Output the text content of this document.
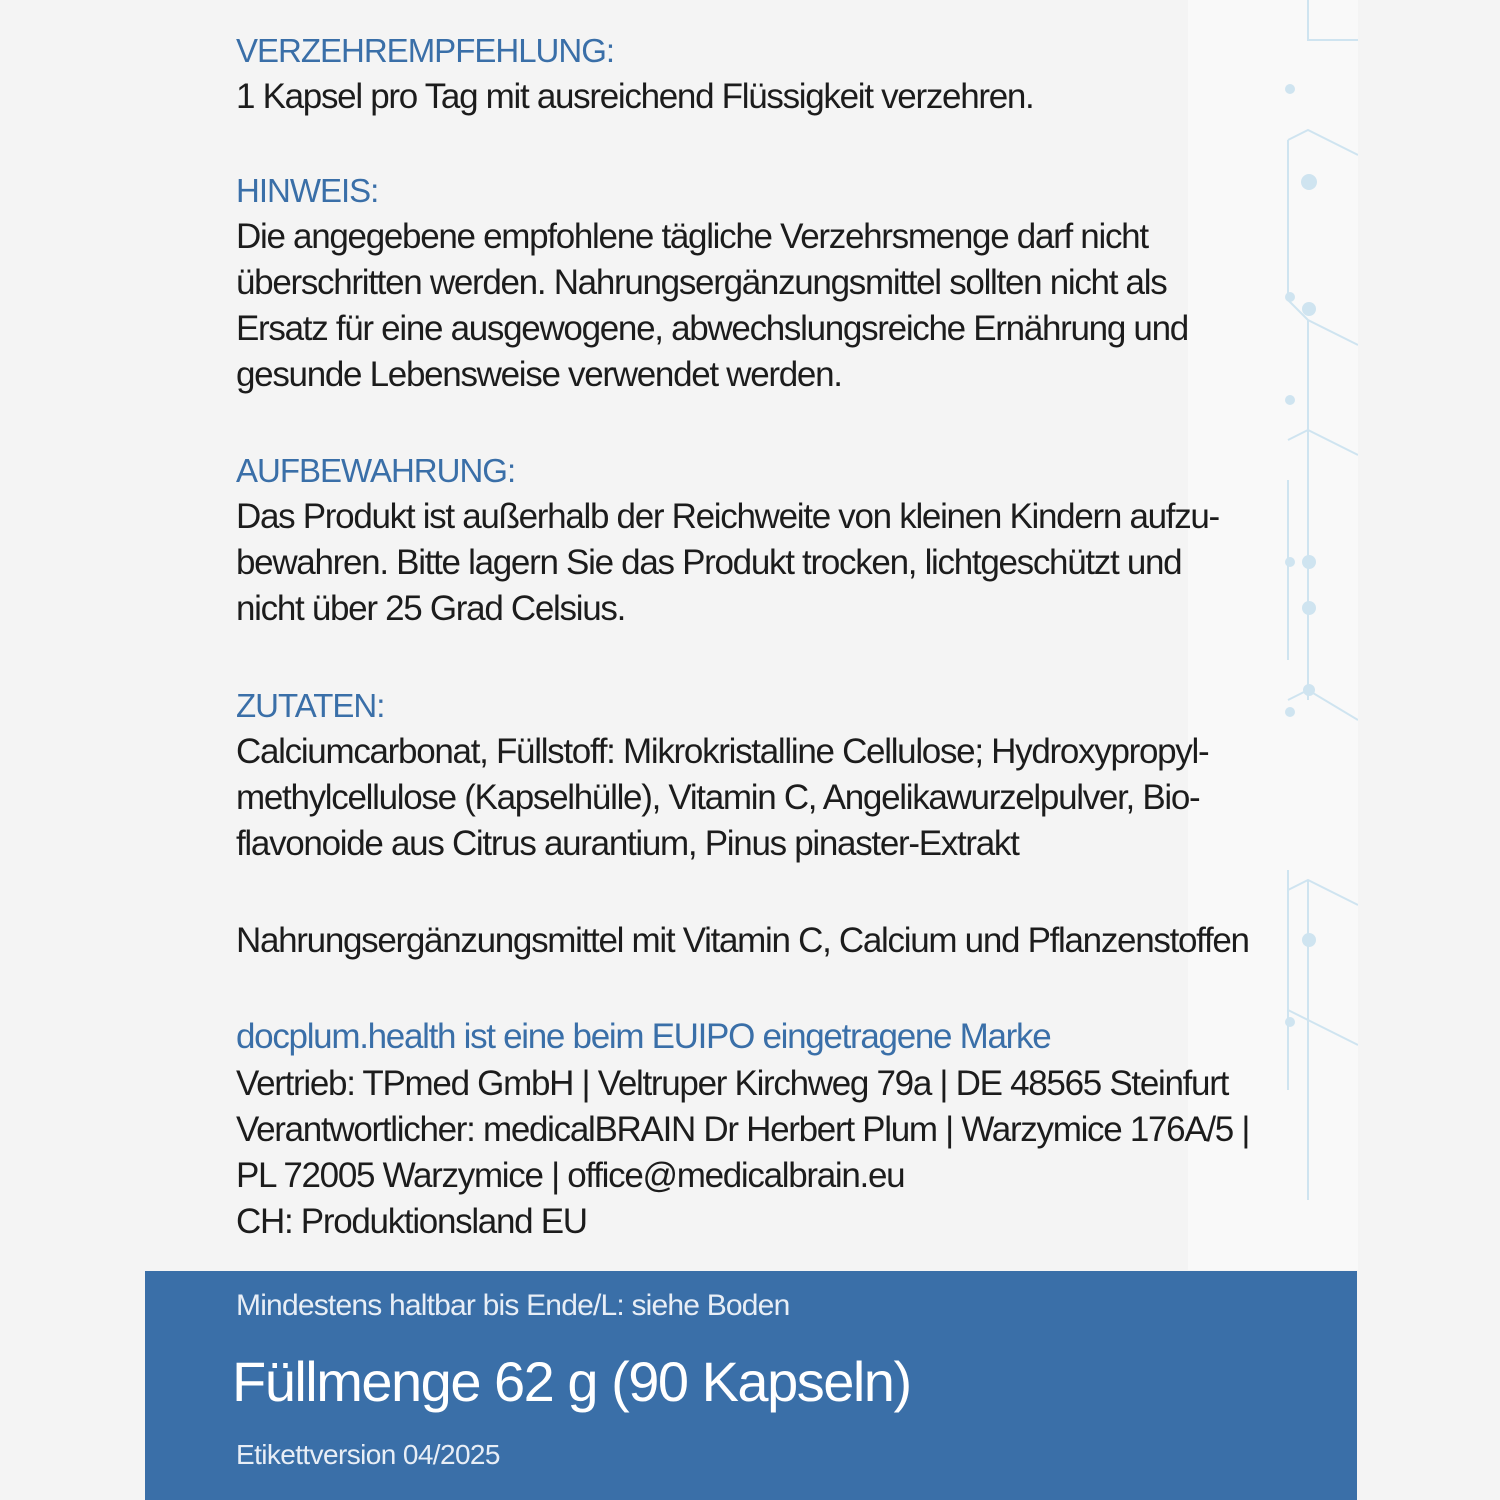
VERZEHREMPFEHLUNG:

1 Kapsel pro Tag mit ausreichend Flüssigkeit verzehren.

HINWEIS:

Die angegebene empfohlene tägliche Verzehrsmenge darf nicht
überschritten werden. Nahrungsergänzungsmittel sollten nicht als
Ersatz für eine ausgewogene, abwechslungsreiche Ernährung und
gesunde Lebensweise verwendet werden.

AUFBEWAHRUNG:

Das Produkt ist außerhalb der Reichweite von kleinen Kindern aufzu-
bewahren. Bitte lagern Sie das Produkt trocken, lichtgeschützt und
nicht über 25 Grad Celsius.

ZUTATEN:

Calciumcarbonat, Füllstoff: Mikrokristalline Cellulose; Hydroxypropyl-
methylcellulose (Kapselhülle), Vitamin C, Angelikawurzelpulver, Bio-
flavonoide aus Citrus aurantium, Pinus pinaster-Extrakt

Nahrungsergänzungsmittel mit Vitamin C, Calcium und Pflanzenstoffen

docplum.health ist eine beim EUIPO eingetragene Marke

Vertrieb: TPmed GmbH | Veltruper Kirchweg 79a | DE 48565 Steinfurt

Verantwortlicher: medicalBRAIN Dr Herbert Plum | Warzymice 176A/5 |
PL 72005 Warzymice | office@medicalbrain.eu

CH: Produktionsland EU

Mindestens haltbar bis Ende/L: siehe Boden
Füllmenge 62 g (90 Kapseln)
Etikettversion 04/2025
